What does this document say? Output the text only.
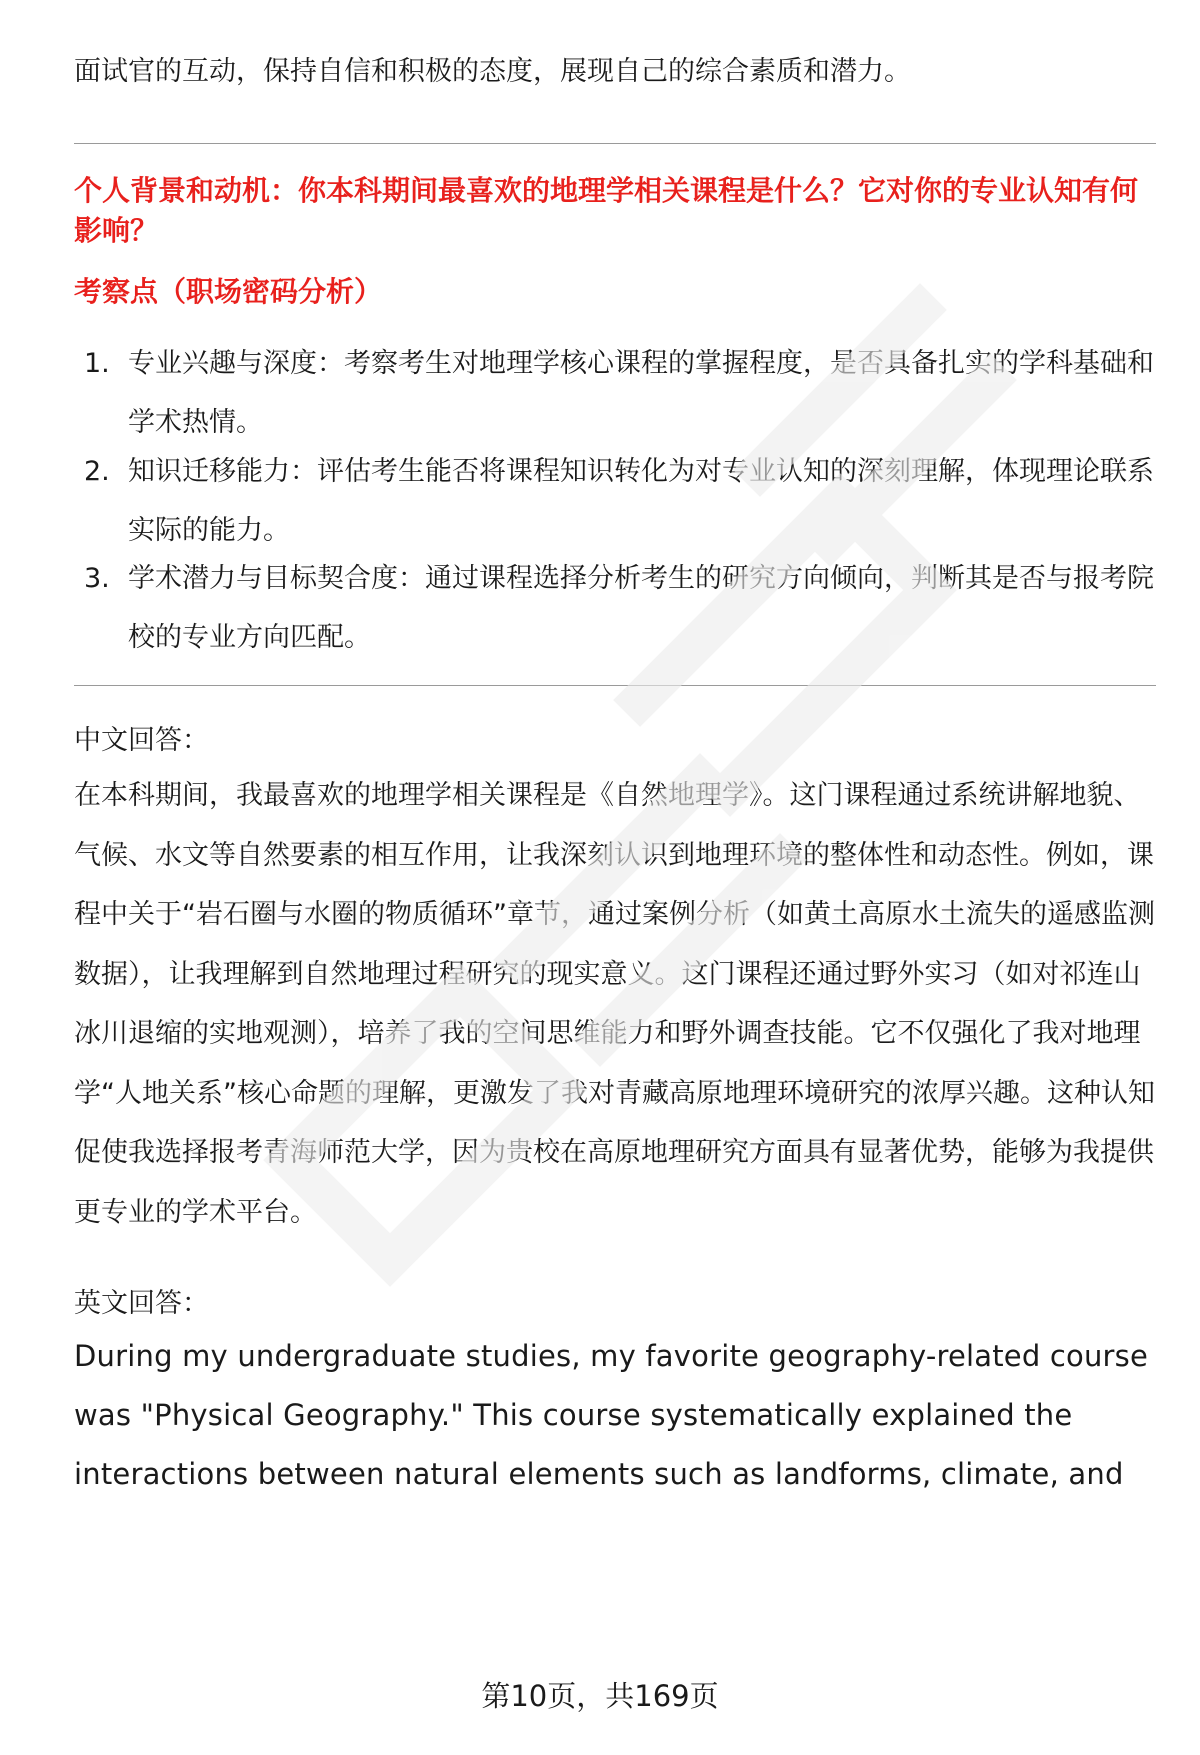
面试官的互动，保持自信和积极的态度，展现自己的综合素质和潜力。

个人背景和动机：你本科期间最喜欢的地理学相关课程是什么？它对你的专业认知有何影响？

考察点（职场密码分析）

1. 专业兴趣与深度：考察考生对地理学核心课程的掌握程度，是否具备扎实的学科基础和学术热情。
2. 知识迁移能力：评估考生能否将课程知识转化为对专业认知的深刻理解，体现理论联系实际的能力。
3. 学术潜力与目标契合度：通过课程选择分析考生的研究方向倾向，判断其是否与报考院校的专业方向匹配。

中文回答：

在本科期间，我最喜欢的地理学相关课程是《自然地理学》。这门课程通过系统讲解地貌、气候、水文等自然要素的相互作用，让我深刻认识到地理环境的整体性和动态性。例如，课程中关于“岩石圈与水圈的物质循环”章节，通过案例分析（如黄土高原水土流失的遥感监测数据），让我理解到自然地理过程研究的现实意义。这门课程还通过野外实习（如对祁连山冰川退缩的实地观测），培养了我的空间思维能力和野外调查技能。它不仅强化了我对地理学“人地关系”核心命题的理解，更激发了我对青藏高原地理环境研究的浓厚兴趣。这种认知促使我选择报考青海师范大学，因为贵校在高原地理研究方面具有显著优势，能够为我提供更专业的学术平台。

英文回答：

During my undergraduate studies, my favorite geography-related course was "Physical Geography." This course systematically explained the interactions between natural elements such as landforms, climate, and

第10页，共169页
